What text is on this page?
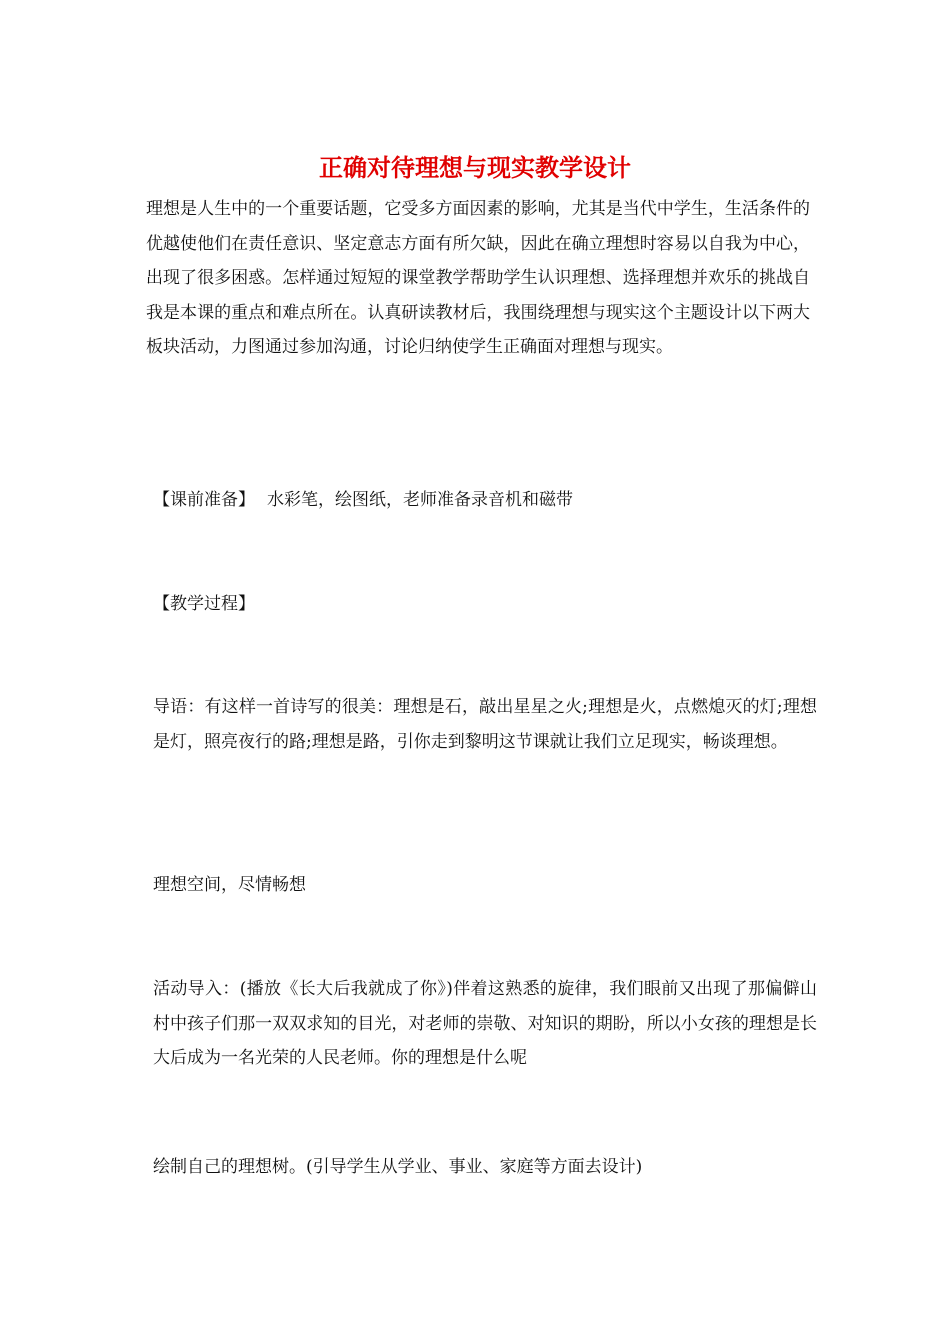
正确对待理想与现实教学设计

理想是人生中的一个重要话题，它受多方面因素的影响，尤其是当代中学生，生活条件的优越使他们在责任意识、坚定意志方面有所欠缺，因此在确立理想时容易以自我为中心，出现了很多困惑。怎样通过短短的课堂教学帮助学生认识理想、选择理想并欢乐的挑战自我是本课的重点和难点所在。认真研读教材后，我围绕理想与现实这个主题设计以下两大板块活动，力图通过参加沟通，讨论归纳使学生正确面对理想与现实。

【课前准备】 水彩笔，绘图纸，老师准备录音机和磁带

【教学过程】

导语：有这样一首诗写的很美：理想是石，敲出星星之火;理想是火，点燃熄灭的灯;理想是灯，照亮夜行的路;理想是路，引你走到黎明这节课就让我们立足现实，畅谈理想。

理想空间，尽情畅想

活动导入：(播放《长大后我就成了你》)伴着这熟悉的旋律，我们眼前又出现了那偏僻山村中孩子们那一双双求知的目光，对老师的崇敬、对知识的期盼，所以小女孩的理想是长大后成为一名光荣的人民老师。你的理想是什么呢

绘制自己的理想树。(引导学生从学业、事业、家庭等方面去设计)
